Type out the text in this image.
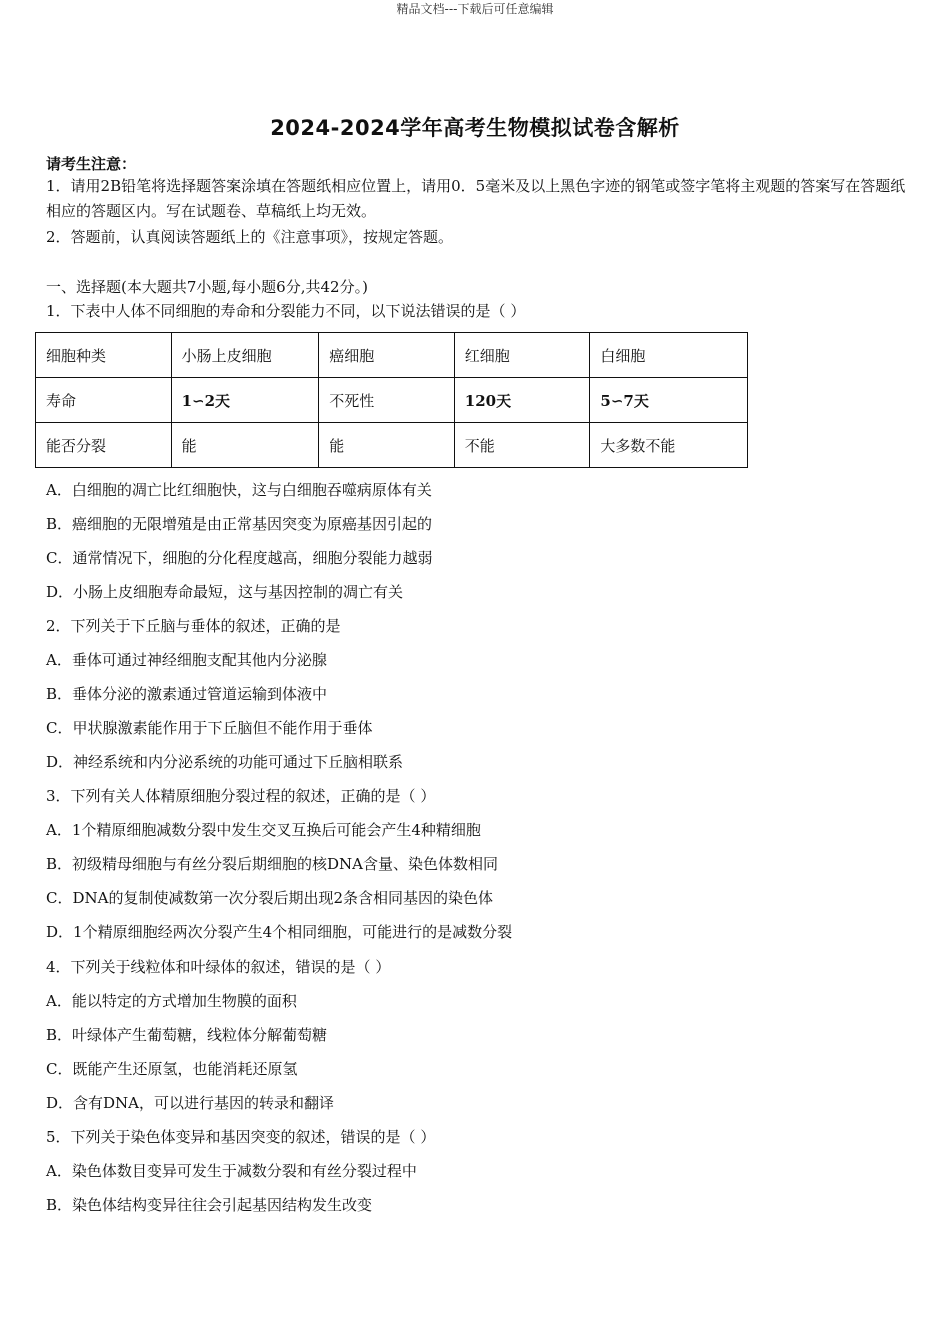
精品文档---下载后可任意编辑
2024-2024学年高考生物模拟试卷含解析
请考生注意：
1．请用2B铅笔将选择题答案涂填在答题纸相应位置上，请用0．5毫米及以上黑色字迹的钢笔或签字笔将主观题的答案写在答题纸相应的答题区内。写在试题卷、草稿纸上均无效。
2．答题前，认真阅读答题纸上的《注意事项》，按规定答题。
一、选择题(本大题共7小题,每小题6分,共42分。)
1．下表中人体不同细胞的寿命和分裂能力不同，以下说法错误的是（ ）
细胞种类	小肠上皮细胞	癌细胞	红细胞	白细胞
寿命	1∽2天	不死性	120天	5∽7天
能否分裂	能	能	不能	大多数不能
A．白细胞的凋亡比红细胞快，这与白细胞吞噬病原体有关
B．癌细胞的无限增殖是由正常基因突变为原癌基因引起的
C．通常情况下，细胞的分化程度越高，细胞分裂能力越弱
D．小肠上皮细胞寿命最短，这与基因控制的凋亡有关
2．下列关于下丘脑与垂体的叙述，正确的是
A．垂体可通过神经细胞支配其他内分泌腺
B．垂体分泌的激素通过管道运输到体液中
C．甲状腺激素能作用于下丘脑但不能作用于垂体
D．神经系统和内分泌系统的功能可通过下丘脑相联系
3．下列有关人体精原细胞分裂过程的叙述，正确的是（ ）
A．1个精原细胞减数分裂中发生交叉互换后可能会产生4种精细胞
B．初级精母细胞与有丝分裂后期细胞的核DNA含量、染色体数相同
C．DNA的复制使减数第一次分裂后期出现2条含相同基因的染色体
D．1个精原细胞经两次分裂产生4个相同细胞，可能进行的是减数分裂
4．下列关于线粒体和叶绿体的叙述，错误的是（ ）
A．能以特定的方式增加生物膜的面积
B．叶绿体产生葡萄糖，线粒体分解葡萄糖
C．既能产生还原氢，也能消耗还原氢
D．含有DNA，可以进行基因的转录和翻译
5．下列关于染色体变异和基因突变的叙述，错误的是（ ）
A．染色体数目变异可发生于减数分裂和有丝分裂过程中
B．染色体结构变异往往会引起基因结构发生改变
